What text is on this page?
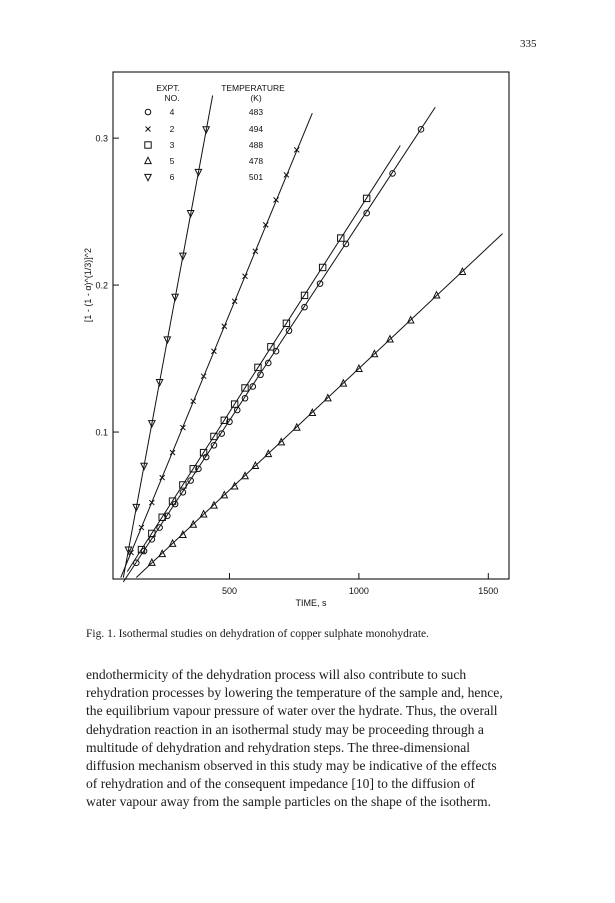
335
EXPT.
NO.
TEMPERATURE
(K)
4	483
2	494
3	488
5	478
6	501
500	1000	1500
0.1
0.2
0.3
TIME, s
[1 - (1 - α)^(1/3)]^2
Fig. 1. Isothermal studies on dehydration of copper sulphate monohydrate.

endothermicity of the dehydration process will also contribute to such

rehydration processes by lowering the temperature of the sample and, hence,

the equilibrium vapour pressure of water over the hydrate. Thus, the overall

dehydration reaction in an isothermal study may be proceeding through a

multitude of dehydration and rehydration steps. The three-dimensional

diffusion mechanism observed in this study may be indicative of the effects

of rehydration and of the consequent impedance [10] to the diffusion of

water vapour away from the sample particles on the shape of the isotherm.
